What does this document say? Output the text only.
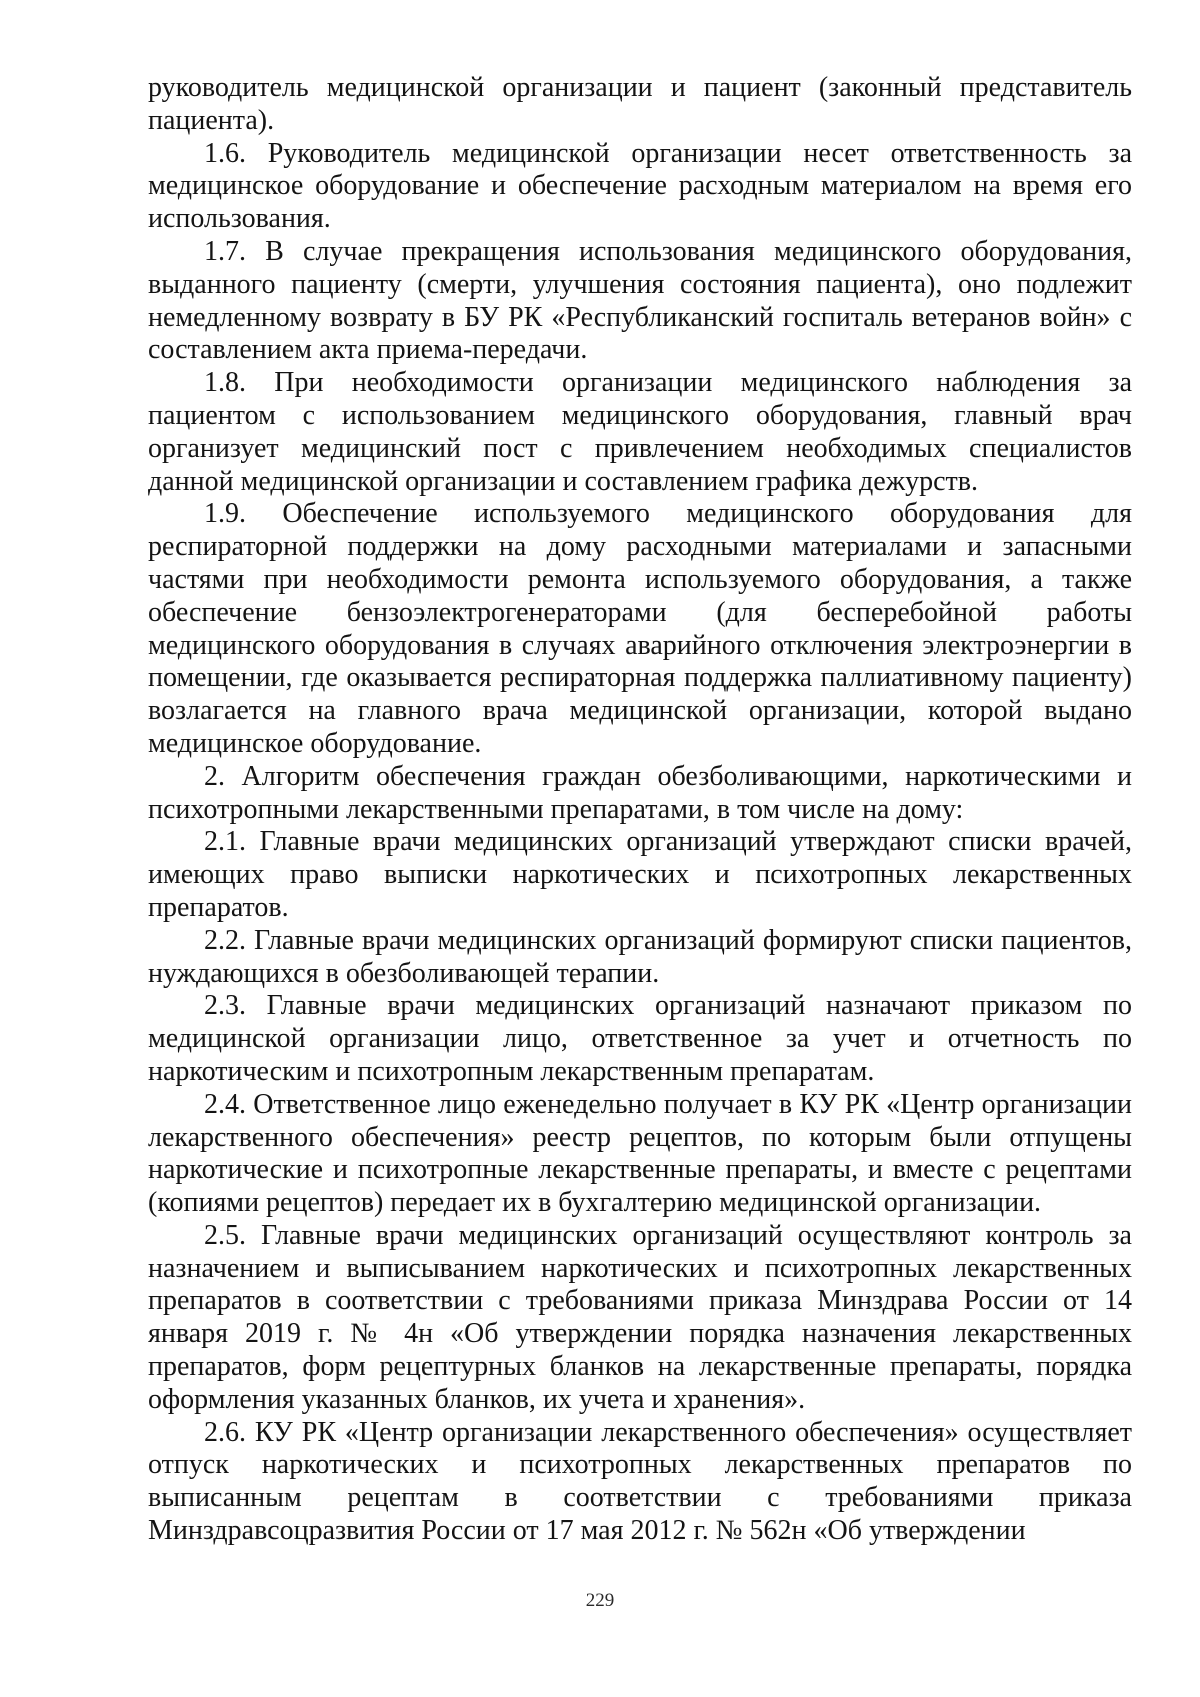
руководитель медицинской организации и пациент (законный представитель пациента).

1.6. Руководитель медицинской организации несет ответственность за медицинское оборудование и обеспечение расходным материалом на время его использования.

1.7. В случае прекращения использования медицинского оборудования, выданного пациенту (смерти, улучшения состояния пациента), оно подлежит немедленному возврату в БУ РК «Республиканский госпиталь ветеранов войн» с составлением акта приема-передачи.

1.8. При необходимости организации медицинского наблюдения за пациентом с использованием медицинского оборудования, главный врач организует медицинский пост с привлечением необходимых специалистов данной медицинской организации и составлением графика дежурств.

1.9. Обеспечение используемого медицинского оборудования для респираторной поддержки на дому расходными материалами и запасными частями при необходимости ремонта используемого оборудования, а также обеспечение бензоэлектрогенераторами (для бесперебойной работы медицинского оборудования в случаях аварийного отключения электроэнергии в помещении, где оказывается респираторная поддержка паллиативному пациенту) возлагается на главного врача медицинской организации, которой выдано медицинское оборудование.

2. Алгоритм обеспечения граждан обезболивающими, наркотическими и психотропными лекарственными препаратами, в том числе на дому:

2.1. Главные врачи медицинских организаций утверждают списки врачей, имеющих право выписки наркотических и психотропных лекарственных препаратов.

2.2. Главные врачи медицинских организаций формируют списки пациентов, нуждающихся в обезболивающей терапии.

2.3. Главные врачи медицинских организаций назначают приказом по медицинской организации лицо, ответственное за учет и отчетность по наркотическим и психотропным лекарственным препаратам.

2.4. Ответственное лицо еженедельно получает в КУ РК «Центр организации лекарственного обеспечения» реестр рецептов, по которым были отпущены наркотические и психотропные лекарственные препараты, и вместе с рецептами (копиями рецептов) передает их в бухгалтерию медицинской организации.

2.5. Главные врачи медицинских организаций осуществляют контроль за назначением и выписыванием наркотических и психотропных лекарственных препаратов в соответствии с требованиями приказа Минздрава России от 14 января 2019 г. № 4н «Об утверждении порядка назначения лекарственных препаратов, форм рецептурных бланков на лекарственные препараты, порядка оформления указанных бланков, их учета и хранения».

2.6. КУ РК «Центр организации лекарственного обеспечения» осуществляет отпуск наркотических и психотропных лекарственных препаратов по выписанным рецептам в соответствии с требованиями приказа Минздравсоцразвития России от 17 мая 2012 г. № 562н «Об утверждении

229
